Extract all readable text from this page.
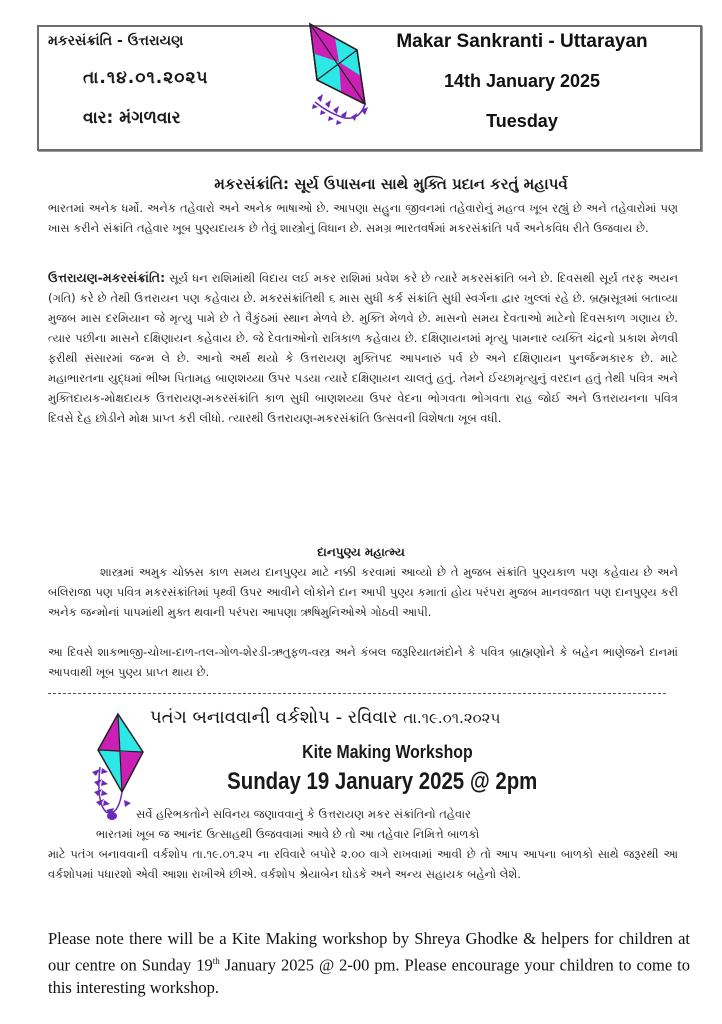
મકરસંક્રાંતિ - ઉત્તરાયણ
તા.૧૪.૦૧.૨૦૨૫
વાર: મંગળવાર
Makar Sankranti - Uttarayan
14th January 2025
Tuesday
મકરસંક્રાંતિ: સૂર્ય ઉપાસના સાથે મુક્તિ પ્રદાન કરતું મહાપર્વ
ભારતમાં અનેક ધર્મો. અનેક તહેવારો અને અનેક ભાષાઓ છે. આપણા સહુના જીવનમાં તહેવારોનું મહત્વ ખૂબ રહ્યું છે અને તહેવારોમાં પણ ખાસ કરીને સંક્રાંતિ તહેવાર ખૂબ પુણ્યદાયક છે તેવું શાસ્ત્રોનું વિધાન છે. સમગ્ર ભારતવર્ષમાં મકરસંક્રાંતિ પર્વ અનેકવિધ રીતે ઉજવાય છે.
ઉત્તરાયણ-મકરસંક્રાંતિ: સૂર્ય ધન રાશિમાંથી વિદાય લઈ મકર રાશિમાં પ્રવેશ કરે છે ત્યારે મકરસંક્રાંતિ બને છે. દિવસથી સૂર્ય તરફ અયન (ગતિ) કરે છે તેથી ઉત્તરાયન પણ કહેવાય છે. મકરસંક્રાંતિથી ૬ માસ સુધી કર્ક સંક્રાંતિ સુધી સ્વર્ગના દ્વાર ખુલ્લાં રહે છે. બ્રહ્મસૂત્રમાં બતાવ્યા મુજબ માસ દરમિયાન જે મૃત્યુ પામે છે તે વૈકુંઠમાં સ્થાન મેળવે છે. મુક્તિ મેળવે છે. માસનો સમય દેવતાઓ માટેનો દિવસકાળ ગણાય છે. ત્યાર પછીના માસને દક્ષિણાયન કહેવાય છે. જે દેવતાઓનો રાત્રિકાળ કહેવાય છે. દક્ષિણાયનમાં મૃત્યુ પામનાર વ્યક્તિ ચંદ્રનો પ્રકાશ મેળવી ફરીથી સંસારમાં જન્મ લે છે. આનો અર્થ થયો કે ઉત્તરાયણ મુક્તિપદ આપનારું પર્વ છે અને દક્ષિણાયન પુનર્જન્મકારક છે. માટે મહાભારતના યુદ્ધમાં ભીષ્મ પિતામહ બાણશય્યા ઉપર પડયા ત્યારે દક્ષિણાયન ચાલતું હતું. તેમને ઈચ્છામૃત્યુનું વરદાન હતું તેથી પવિત્ર અને મુક્તિદાયક-મોક્ષદાયક ઉત્તરાયણ-મકરસંક્રાંતિ કાળ સુધી બાણશય્યા ઉપર વેદના ભોગવતા ભોગવતા રાહ જોઈ અને ઉત્તરાયનના પવિત્ર દિવસે દેહ છોડીને મોક્ષ પ્રાપ્ત કરી લીધો. ત્યારથી ઉત્તરાયણ-મકરસંક્રાંતિ ઉત્સવની વિશેષતા ખૂબ વધી.
દાનપુણ્ય મહાત્મ્ય
શાસ્ત્રમાં અમુક ચોક્કસ કાળ સમય દાનપુણ્ય માટે નક્કી કરવામાં આવ્યો છે તે મુજબ સંક્રાંતિ પુણ્યકાળ પણ કહેવાય છે અને બલિરાજા પણ પવિત્ર મકરસંક્રાંતિમાં પૃથ્વી ઉપર આવીને લોકોને દાન આપી પુણ્ય કમાતાં હોય પરંપરા મુજબ માનવજાત પણ દાનપુણ્ય કરી અનેક જન્મોનાં પાપમાંથી મુક્ત થવાની પરંપરા આપણા ઋષિમુનિઓએ ગોઠવી આપી.
આ દિવસે શાકભાજી-ચોખા-દાળ-તલ-ગોળ-શેરડી-ઋતુફળ-વસ્ત્ર અને કંબલ જરૂરિયાતમંદોને કે પવિત્ર બ્રાહ્મણોને કે બહેન ભાણેજને દાનમાં આપવાથી ખૂબ પુણ્ય પ્રાપ્ત થાય છે.
પતંગ બનાવવાની વર્કશોપ - રવિવાર તા.૧૯.૦૧.૨૦૨૫
Kite Making Workshop
Sunday 19 January 2025 @ 2pm
સર્વે હરિભકતોને સવિનય જણાવવાનું કે ઉત્તરાયણ મકર સંક્રાંતિનો તહેવાર
ભારતમાં ખૂબ જ આનંદ ઉત્સાહથી ઉજવવામાં આવે છે તો આ તહેવાર નિમિત્તે બાળકો
માટે પતંગ બનાવવાની વર્કશોપ તા.૧૯.૦૧.૨૫ ના રવિવારે બપોરે ૨.૦૦ વાગે રાખવામાં આવી છે તો આપ આપના બાળકો સાથે જરૂરથી આ વર્કશોપમાં પધારશો એવી આશા રાખીએ છીએ. વર્કશોપ શ્રેયાબેન ઘોડકે અને અન્ય સહાયક બહેનો લેશે.
Please note there will be a Kite Making workshop by Shreya Ghodke & helpers for children at our centre on Sunday 19th January 2025 @ 2-00 pm. Please encourage your children to come to this interesting workshop.
